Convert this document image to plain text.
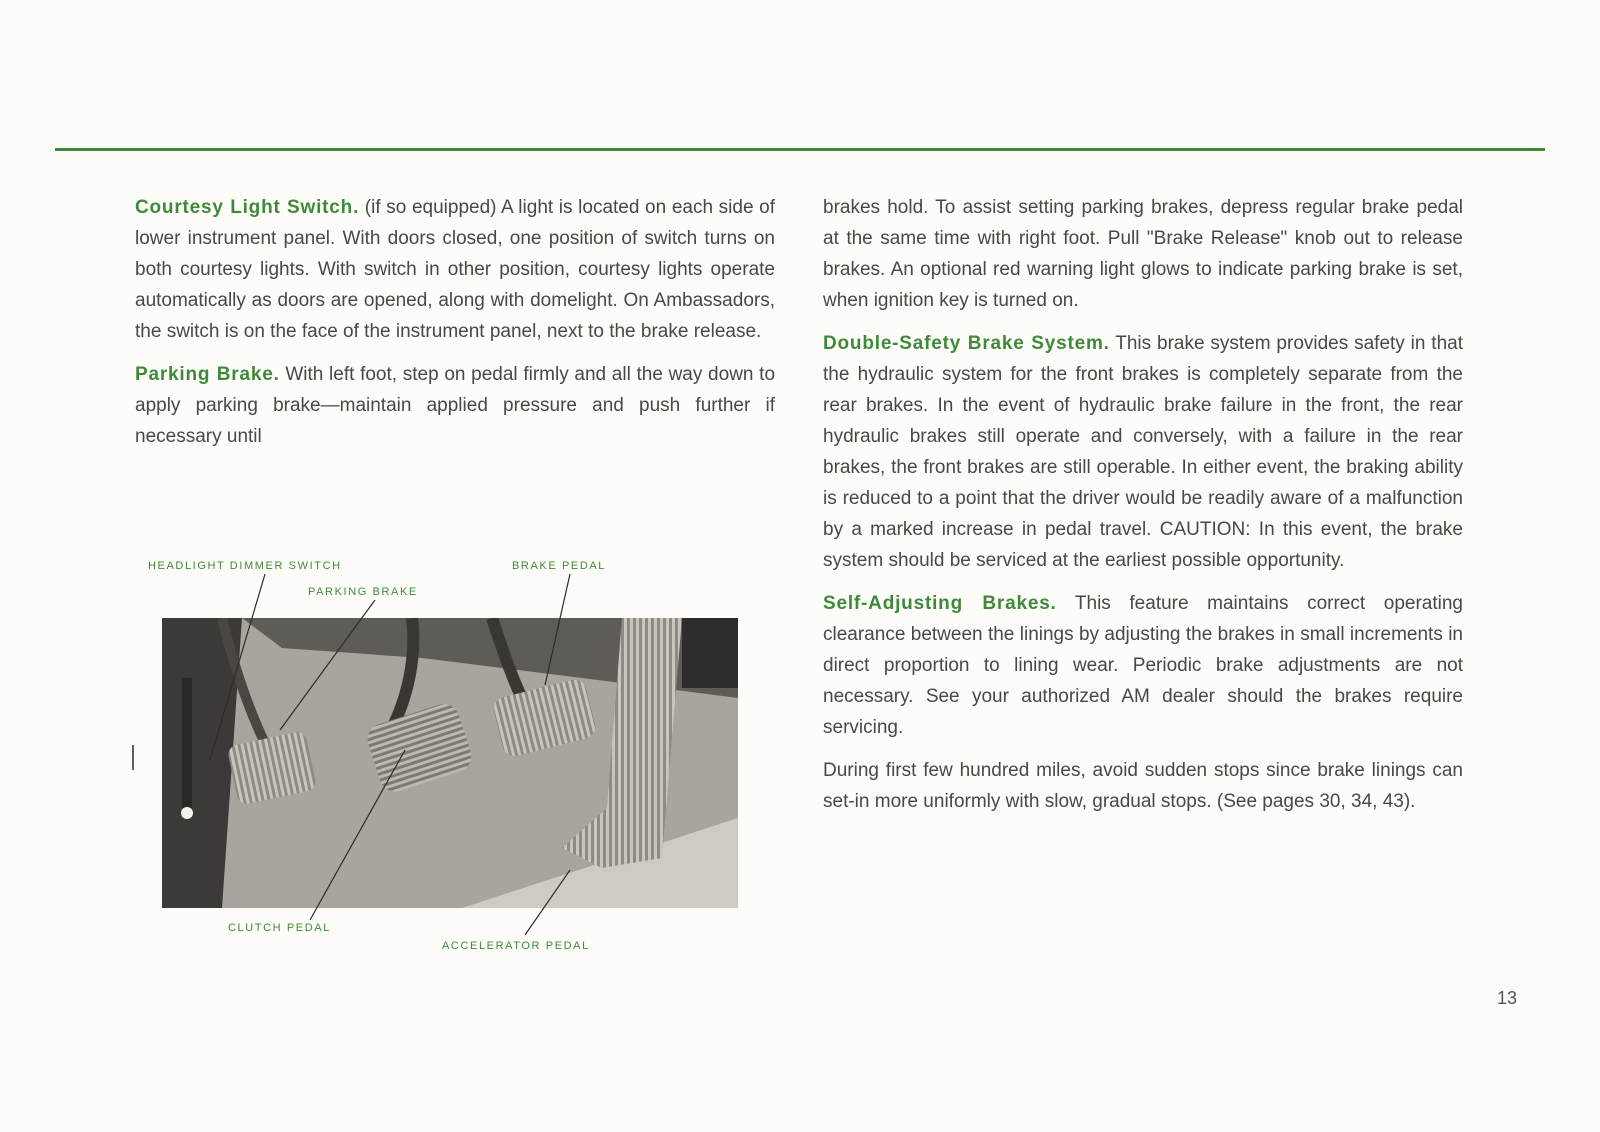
Courtesy Light Switch. (if so equipped) A light is located on each side of lower instrument panel. With doors closed, one position of switch turns on both courtesy lights. With switch in other position, courtesy lights operate automatically as doors are opened, along with domelight. On Ambassadors, the switch is on the face of the instrument panel, next to the brake release.

Parking Brake. With left foot, step on pedal firmly and all the way down to apply parking brake—maintain applied pressure and push further if necessary until

HEADLIGHT DIMMER SWITCH
PARKING BRAKE
BRAKE PEDAL
CLUTCH PEDAL
ACCELERATOR PEDAL

brakes hold. To assist setting parking brakes, depress regular brake pedal at the same time with right foot. Pull "Brake Release" knob out to release brakes. An optional red warning light glows to indicate parking brake is set, when ignition key is turned on.

Double-Safety Brake System. This brake system provides safety in that the hydraulic system for the front brakes is completely separate from the rear brakes. In the event of hydraulic brake failure in the front, the rear hydraulic brakes still operate and conversely, with a failure in the rear brakes, the front brakes are still operable. In either event, the braking ability is reduced to a point that the driver would be readily aware of a malfunction by a marked increase in pedal travel. CAUTION: In this event, the brake system should be serviced at the earliest possible opportunity.

Self-Adjusting Brakes. This feature maintains correct operating clearance between the linings by adjusting the brakes in small increments in direct proportion to lining wear. Periodic brake adjustments are not necessary. See your authorized AM dealer should the brakes require servicing.

During first few hundred miles, avoid sudden stops since brake linings can set-in more uniformly with slow, gradual stops. (See pages 30, 34, 43).

13
